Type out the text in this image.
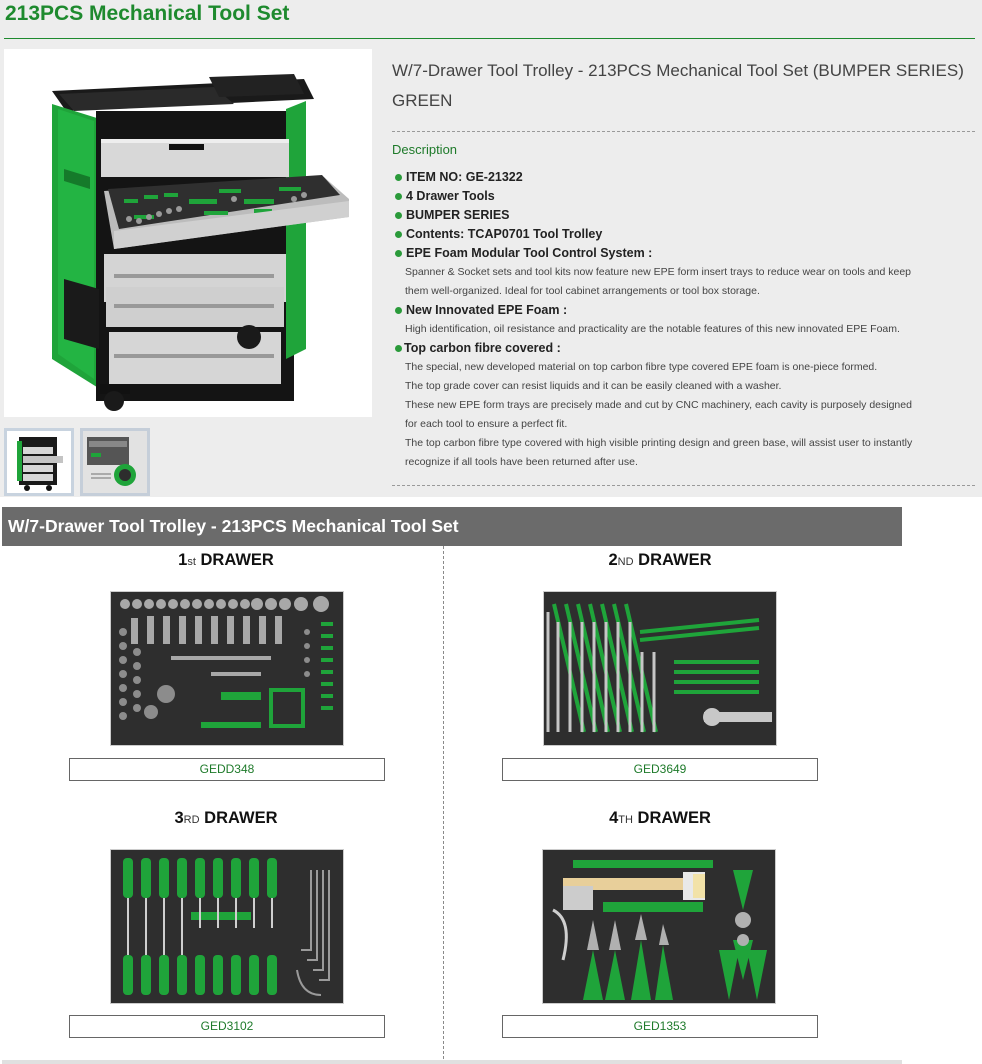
213PCS Mechanical Tool Set
W/7-Drawer Tool Trolley - 213PCS Mechanical Tool Set (BUMPER SERIES) GREEN
Description
ITEM NO: GE-21322
4 Drawer Tools
BUMPER SERIES
Contents: TCAP0701 Tool Trolley
EPE Foam Modular Tool Control System :
Spanner & Socket sets and tool kits now feature new EPE form insert trays to reduce wear on tools and keep
them well-organized. Ideal for tool cabinet arrangements or tool box storage.
New Innovated EPE Foam :
High identification, oil resistance and practicality are the notable features of this new innovated EPE Foam.
Top carbon fibre covered :
The special, new developed material on top carbon fibre type covered EPE foam is one-piece formed.
The top grade cover can resist liquids and it can be easily cleaned with a washer.
These new EPE form trays are precisely made and cut by CNC machinery, each cavity is purposely designed
for each tool to ensure a perfect fit.
The top carbon fibre type covered with high visible printing design and green base, will assist user to instantly
recognize if all tools have been returned after use.
W/7-Drawer Tool Trolley - 213PCS Mechanical Tool Set
1st DRAWER
GEDD348
2ND DRAWER
GED3649
3RD DRAWER
GED3102
4TH DRAWER
GED1353
